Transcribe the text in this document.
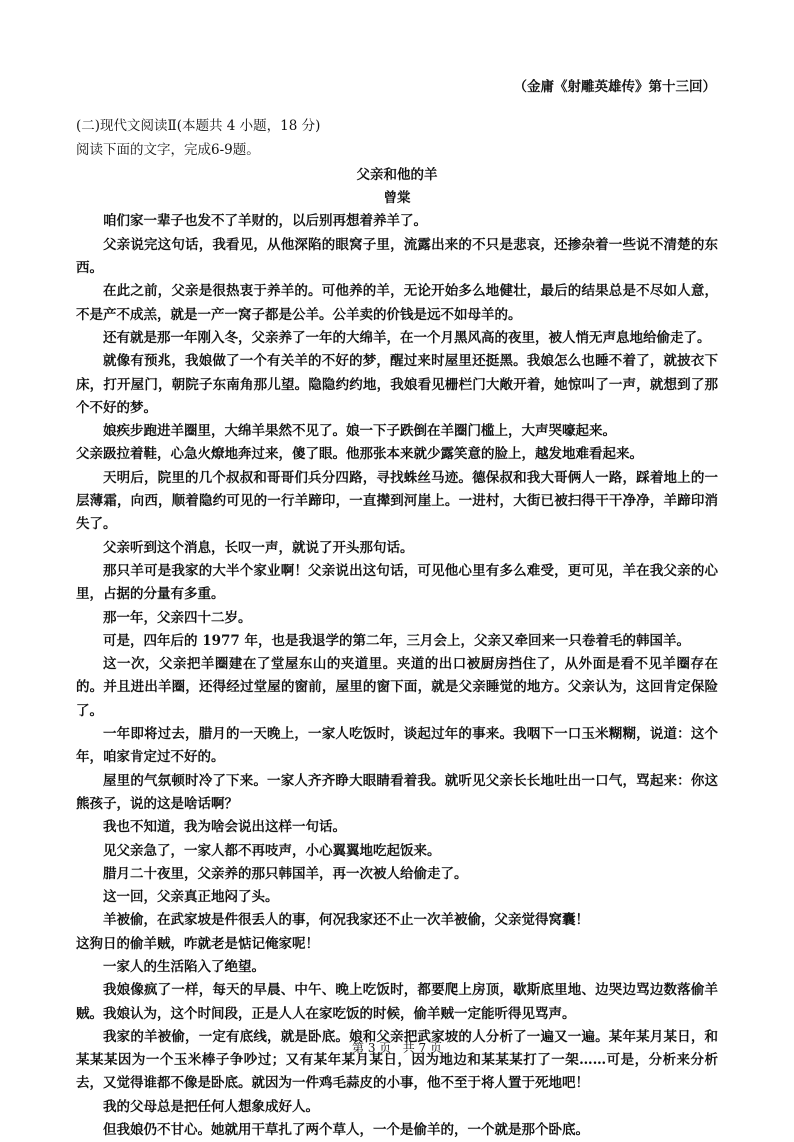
（金庸《射雕英雄传》第十三回）
(二)现代文阅读Ⅱ(本题共 4 小题，18 分)
阅读下面的文字，完成6-9题。
父亲和他的羊
曾棠

咱们家一辈子也发不了羊财的，以后别再想着养羊了。

父亲说完这句话，我看见，从他深陷的眼窝子里，流露出来的不只是悲哀，还掺杂着一些说不清楚的东西。

在此之前，父亲是很热衷于养羊的。可他养的羊，无论开始多么地健壮，最后的结果总是不尽如人意，不是产不成羔，就是一产一窝子都是公羊。公羊卖的价钱是远不如母羊的。

还有就是那一年刚入冬，父亲养了一年的大绵羊，在一个月黑风高的夜里，被人悄无声息地给偷走了。

就像有预兆，我娘做了一个有关羊的不好的梦，醒过来时屋里还挺黑。我娘怎么也睡不着了，就披衣下床，打开屋门，朝院子东南角那儿望。隐隐约约地，我娘看见栅栏门大敞开着，她惊叫了一声，就想到了那个不好的梦。

娘疾步跑进羊圈里，大绵羊果然不见了。娘一下子跌倒在羊圈门槛上，大声哭嚎起来。

父亲趿拉着鞋，心急火燎地奔过来，傻了眼。他那张本来就少露笑意的脸上，越发地难看起来。

天明后，院里的几个叔叔和哥哥们兵分四路，寻找蛛丝马迹。德保叔和我大哥俩人一路，踩着地上的一层薄霜，向西，顺着隐约可见的一行羊蹄印，一直撵到河崖上。一进村，大街已被扫得干干净净，羊蹄印消失了。

父亲听到这个消息，长叹一声，就说了开头那句话。

那只羊可是我家的大半个家业啊！父亲说出这句话，可见他心里有多么难受，更可见，羊在我父亲的心里，占据的分量有多重。

那一年，父亲四十二岁。

可是，四年后的 1977 年，也是我退学的第二年，三月会上，父亲又牵回来一只卷着毛的韩国羊。

这一次，父亲把羊圈建在了堂屋东山的夹道里。夹道的出口被厨房挡住了，从外面是看不见羊圈存在的。并且进出羊圈，还得经过堂屋的窗前，屋里的窗下面，就是父亲睡觉的地方。父亲认为，这回肯定保险了。

一年即将过去，腊月的一天晚上，一家人吃饭时，谈起过年的事来。我咽下一口玉米糊糊，说道：这个年，咱家肯定过不好的。

屋里的气氛顿时冷了下来。一家人齐齐睁大眼睛看着我。就听见父亲长长地吐出一口气，骂起来：你这熊孩子，说的这是啥话啊？

我也不知道，我为啥会说出这样一句话。

见父亲急了，一家人都不再吱声，小心翼翼地吃起饭来。

腊月二十夜里，父亲养的那只韩国羊，再一次被人给偷走了。

这一回，父亲真正地闷了头。

羊被偷，在武家坡是件很丢人的事，何况我家还不止一次羊被偷，父亲觉得窝囊！

这狗日的偷羊贼，咋就老是惦记俺家呢！

一家人的生活陷入了绝望。

我娘像疯了一样，每天的早晨、中午、晚上吃饭时，都要爬上房顶，歇斯底里地、边哭边骂边数落偷羊贼。我娘认为，这个时间段，正是人人在家吃饭的时候，偷羊贼一定能听得见骂声。

我家的羊被偷，一定有底线，就是卧底。娘和父亲把武家坡的人分析了一遍又一遍。某年某月某日，和某某某因为一个玉米棒子争吵过；又有某年某月某日，因为地边和某某某打了一架……可是，分析来分析去，又觉得谁都不像是卧底。就因为一件鸡毛蒜皮的小事，他不至于将人置于死地吧！

我的父母总是把任何人想象成好人。

但我娘仍不甘心。她就用干草扎了两个草人，一个是偷羊的，一个就是那个卧底。

第 3 页 共 7 页
